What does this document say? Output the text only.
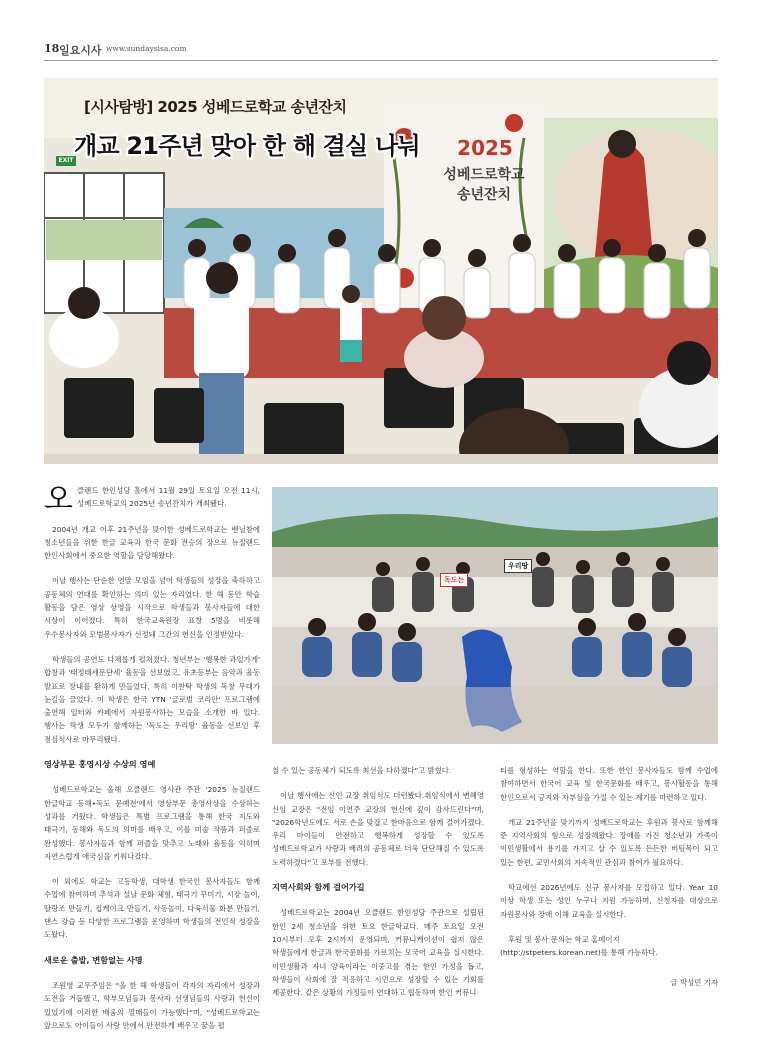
18 일요시사 www.sundaysisa.com
[시사탐방] 2025 성베드로학교 송년잔치
개교 21주년 맞아 한 해 결실 나눠	2025
성베드로학교
송년잔치
EXIT
독도는
우리땅

오클랜드 한인성당 홀에서 11월 29일 토요일 오전 11시, 성베드로학교의 2025년 송년잔치가 개최됐다.

2004년 개교 이후 21주년을 맞이한 성베드로학교는 밴닐참에 청소년들을 위한 한글 교육과 한국 문화 전승의 장으로 뉴질랜드 한인사회에서 중요한 역할을 담당해왔다.

이날 행사는 단순한 연말 모임을 넘어 학생들의 성장을 축하하고 공동체의 연대를 확인하는 의미 있는 자리였다. 한 해 동안 학습 활동을 담은 영상 상영을 시작으로 학생들과 봉사자들에 대한 시상이 이어졌다. 특히 한국교육원장 표창 5명을 비롯해 우수봉사자와 모범봉사자가 선정돼 그간의 헌신을 인정받았다.

학생들의 공연도 다채롭게 펼쳐졌다. 청년부는 '행복한 과일가게' 합창과 '태정태세문단세' 율동을 선보였고, 유초등부는 음악과 율동 발표로 장내를 환하게 만들었다. 특히 이찬탁 학생의 독창 무대가 눈길을 끌었다. 이 학생은 한국 YTN '글로벌 코리안' 프로그램에 출연해 일터와 카페에서 자원봉사하는 모습을 소개한 바 있다. 행사는 학생 모두가 함께하는 '독도는 우리땅' 율동을 선보인 후 점심식사로 마무리됐다.

영상부문 홍영시상 수상의 영예

성베드로학교는 올해 오클랜드 영사관 주관 '2025 뉴질랜드 한글학교 동해•독도 문예전'에서 영상부문 총영사상을 수상하는 성과를 거뒀다. 학생들은 특별 프로그램을 통해 한국 지도와 태극기, 동해와 독도의 의미를 배우고, 이를 미술 작품과 퍼즐로 완성했다. 봉사자들과 함께 퍼즐을 맞추고 노래와 율동을 익히며 자연스럽게 애국심을 키워나갔다.

이 외에도 학교는 고등학생, 대학생 한국인 봉사자들도 함께 수업에 참여하며 추석과 설날 문화 체험, 태극기 꾸미기, 시장 놀이, 딸랑조 만들기, 컵케이크 만들기, 사동놀이, 다육식물 화분 만들기, 댄스 강습 등 다양한 프로그램을 운영하며 학생들의 전인적 성장을 도왔다.

새로운 출발, 변함없는 사명

조원영 교무주임은 "올 한 해 학생들이 각자의 자리에서 성장과 도전을 거듭했고, 학부모님들과 봉사자 선생님들의 사랑과 헌신이 있었기에 이러한 배움의 열매들이 가능했다"며, "성베드로학교는 앞으로도 아이들이 사랑 안에서 안전하게 배우고 꿈을 펼

칠 수 있는 공동체가 되도록 최선을 다하겠다"고 밝혔다.

이날 행사에는 신인 교장 취임식도 더런봤다.취임식에서 변혜영 신임 교장은 "전임 이연주 교장의 헌신에 깊이 감사드린다"며, "2026학년도에도 서로 손을 맞잡고 한마음으로 함께 걸어가겠다. 우리 아이들이 안전하고 행복하게 성장할 수 있도록 성베드로학교가 사랑과 배려의 공동체로 더욱 단단해질 수 있도록 노력하겠다"고 포부를 전했다.

지역사회와 함께 걸어가길

성베드로학교는 2004년 오클랜드 한인성당 주관으로 설립된 한인 2세 청소년을 위한 토요 한글학교다. 매주 토요일 오전 10시부터 오후 2시까지 운영되며, 커뮤니케이션이 쉽지 않은 학생들에게 한글과 한국문화를 가르치는 모국어 교육을 실시한다. 이민생활과 자녀 양육이라는 이중고를 겪는 한인 가정을 돕고, 학생들이 사회에 잘 적응하고 시민으로 성장할 수 있는 기회를 제공한다. 같은 상황의 가정들이 연대하고 협동하며 한인 커뮤니

티를 형성하는 역할을 한다. 또한 한인 봉사자들도 함께 수업에 참여하면서 한국어 교육 및 한국문화를 배우고, 봉사활동을 통해 한인으로서 긍지와 자부심을 가질 수 있는 계기를 마련하고 있다.

개교 21주년을 맞기까지 성베드로학교는 후원과 봉사로 함께해 준 지역사회의 힘으로 성장해왔다. 장애를 가진 청소년과 가족이 이민생활에서 용기를 가지고 살 수 있도록 든든한 버팀목이 되고 있는 한편, 교민사회의 지속적인 관심과 참여가 필요하다.

학교에선 2026년에도 신규 봉사자를 모집하고 있다. Year 10 이상 학생 또는 성인 누구나 지원 가능하며, 신청자를 대상으로 자원봉사와 장애 이해 교육을 실시한다.

후원 및 봉사 문의는 학교 홈페이지
(http://stpeters.korean.net)를 통해 가능하다.

글 박성민 기자
